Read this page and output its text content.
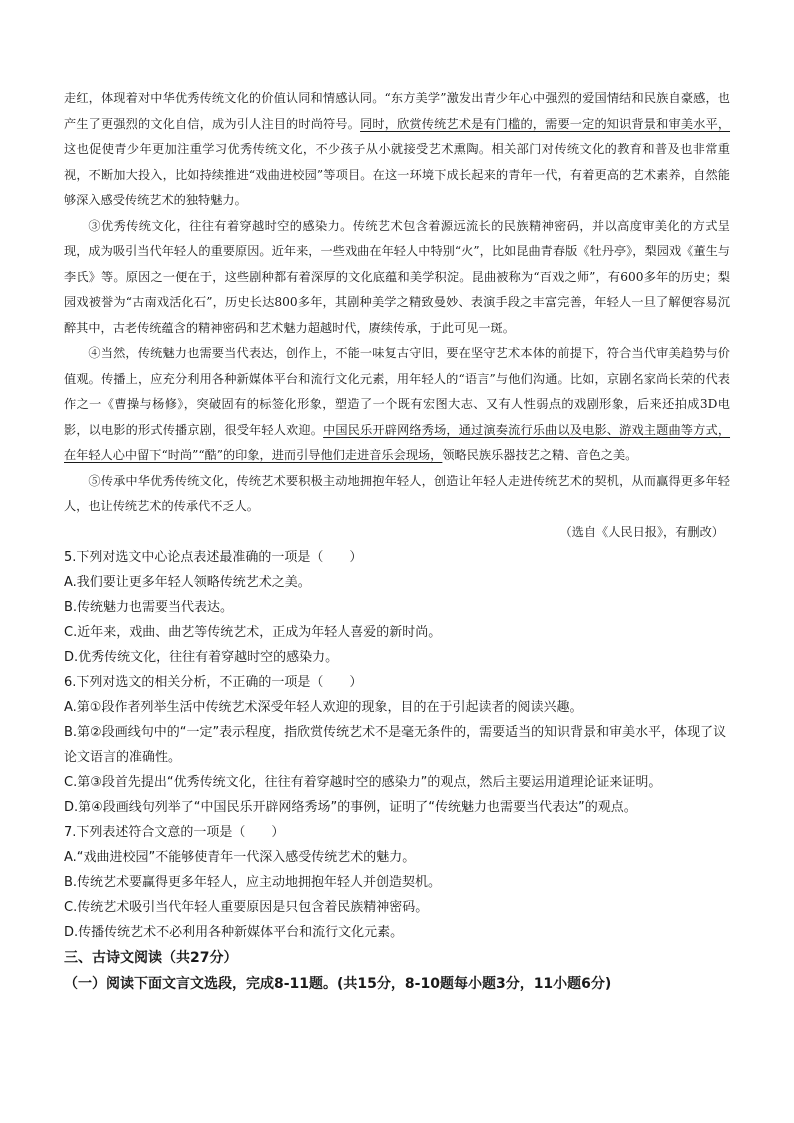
走红，体现着对中华优秀传统文化的价值认同和情感认同。“东方美学”激发出青少年心中强烈的爱国情结和民族自豪感，也产生了更强烈的文化自信，成为引人注目的时尚符号。同时，欣赏传统艺术是有门槛的，需要一定的知识背景和审美水平，这也促使青少年更加注重学习优秀传统文化，不少孩子从小就接受艺术熏陶。相关部门对传统文化的教育和普及也非常重视，不断加大投入，比如持续推进“戏曲进校园”等项目。在这一环境下成长起来的青年一代，有着更高的艺术素养，自然能够深入感受传统艺术的独特魅力。

③优秀传统文化，往往有着穿越时空的感染力。传统艺术包含着源远流长的民族精神密码，并以高度审美化的方式呈现，成为吸引当代年轻人的重要原因。近年来，一些戏曲在年轻人中特别“火”，比如昆曲青春版《牡丹亭》，梨园戏《董生与李氏》等。原因之一便在于，这些剧种都有着深厚的文化底蕴和美学积淀。昆曲被称为“百戏之师”，有600多年的历史；梨园戏被誉为“古南戏活化石”，历史长达800多年，其剧种美学之精致曼妙、表演手段之丰富完善，年轻人一旦了解便容易沉醉其中，古老传统蕴含的精神密码和艺术魅力超越时代，赓续传承，于此可见一斑。

④当然，传统魅力也需要当代表达，创作上，不能一味复古守旧，要在坚守艺术本体的前提下，符合当代审美趋势与价值观。传播上，应充分利用各种新媒体平台和流行文化元素，用年轻人的“语言”与他们沟通。比如，京剧名家尚长荣的代表作之一《曹操与杨修》，突破固有的标签化形象，塑造了一个既有宏图大志、又有人性弱点的戏剧形象，后来还拍成3D电影，以电影的形式传播京剧，很受年轻人欢迎。中国民乐开辟网络秀场，通过演奏流行乐曲以及电影、游戏主题曲等方式，在年轻人心中留下“时尚”“酷”的印象，进而引导他们走进音乐会现场，领略民族乐器技艺之精、音色之美。

⑤传承中华优秀传统文化，传统艺术要积极主动地拥抱年轻人，创造让年轻人走进传统艺术的契机，从而赢得更多年轻人，也让传统艺术的传承代不乏人。

（选自《人民日报》，有删改）

5.下列对选文中心论点表述最准确的一项是（　　）

A.我们要让更多年轻人领略传统艺术之美。

B.传统魅力也需要当代表达。

C.近年来，戏曲、曲艺等传统艺术，正成为年轻人喜爱的新时尚。

D.优秀传统文化，往往有着穿越时空的感染力。

6.下列对选文的相关分析，不正确的一项是（　　）

A.第①段作者列举生活中传统艺术深受年轻人欢迎的现象，目的在于引起读者的阅读兴趣。

B.第②段画线句中的“一定”表示程度，指欣赏传统艺术不是毫无条件的，需要适当的知识背景和审美水平，体现了议论文语言的准确性。

C.第③段首先提出“优秀传统文化，往往有着穿越时空的感染力”的观点，然后主要运用道理论证来证明。

D.第④段画线句列举了“中国民乐开辟网络秀场”的事例，证明了“传统魅力也需要当代表达”的观点。

7.下列表述符合文意的一项是（　　）

A.“戏曲进校园”不能够使青年一代深入感受传统艺术的魅力。

B.传统艺术要赢得更多年轻人，应主动地拥抱年轻人并创造契机。

C.传统艺术吸引当代年轻人重要原因是只包含着民族精神密码。

D.传播传统艺术不必利用各种新媒体平台和流行文化元素。

三、古诗文阅读（共27分）

（一）阅读下面文言文选段，完成8-11题。(共15分，8-10题每小题3分，11小题6分)
